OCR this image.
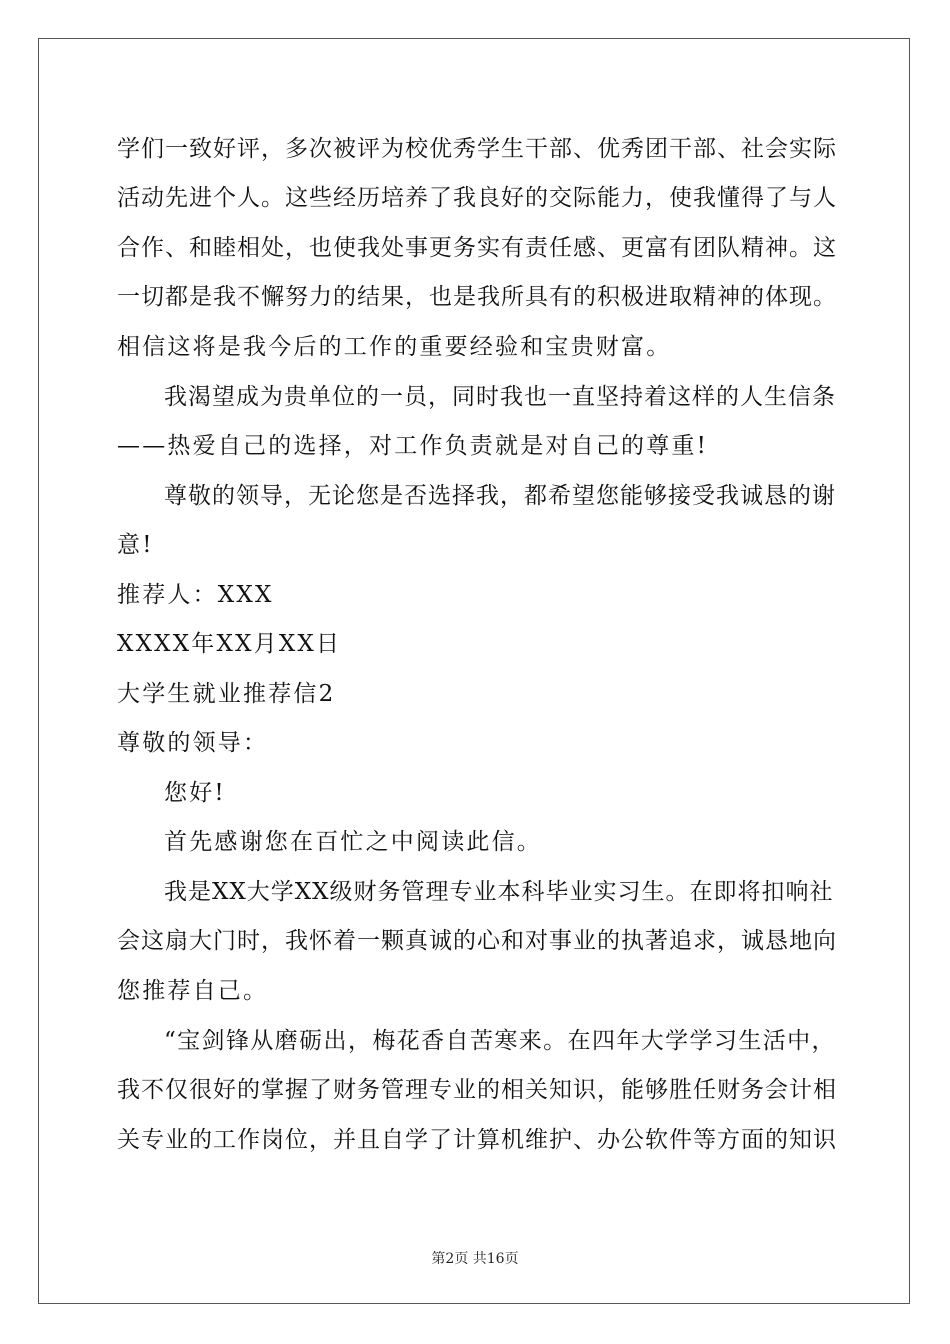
学们一致好评，多次被评为校优秀学生干部、优秀团干部、社会实际
活动先进个人。这些经历培养了我良好的交际能力，使我懂得了与人
合作、和睦相处，也使我处事更务实有责任感、更富有团队精神。这
一切都是我不懈努力的结果，也是我所具有的积极进取精神的体现。
相信这将是我今后的工作的重要经验和宝贵财富。
我渴望成为贵单位的一员，同时我也一直坚持着这样的人生信条
——热爱自己的选择，对工作负责就是对自己的尊重!
尊敬的领导，无论您是否选择我，都希望您能够接受我诚恳的谢
意!
推荐人：XXX
XXXX年XX月XX日
大学生就业推荐信2
尊敬的领导：
您好!
首先感谢您在百忙之中阅读此信。
我是XX大学XX级财务管理专业本科毕业实习生。在即将扣响社
会这扇大门时，我怀着一颗真诚的心和对事业的执著追求，诚恳地向
您推荐自己。
“宝剑锋从磨砺出，梅花香自苦寒来。在四年大学学习生活中，
我不仅很好的掌握了财务管理专业的相关知识，能够胜任财务会计相
关专业的工作岗位，并且自学了计算机维护、办公软件等方面的知识
第2页 共16页
